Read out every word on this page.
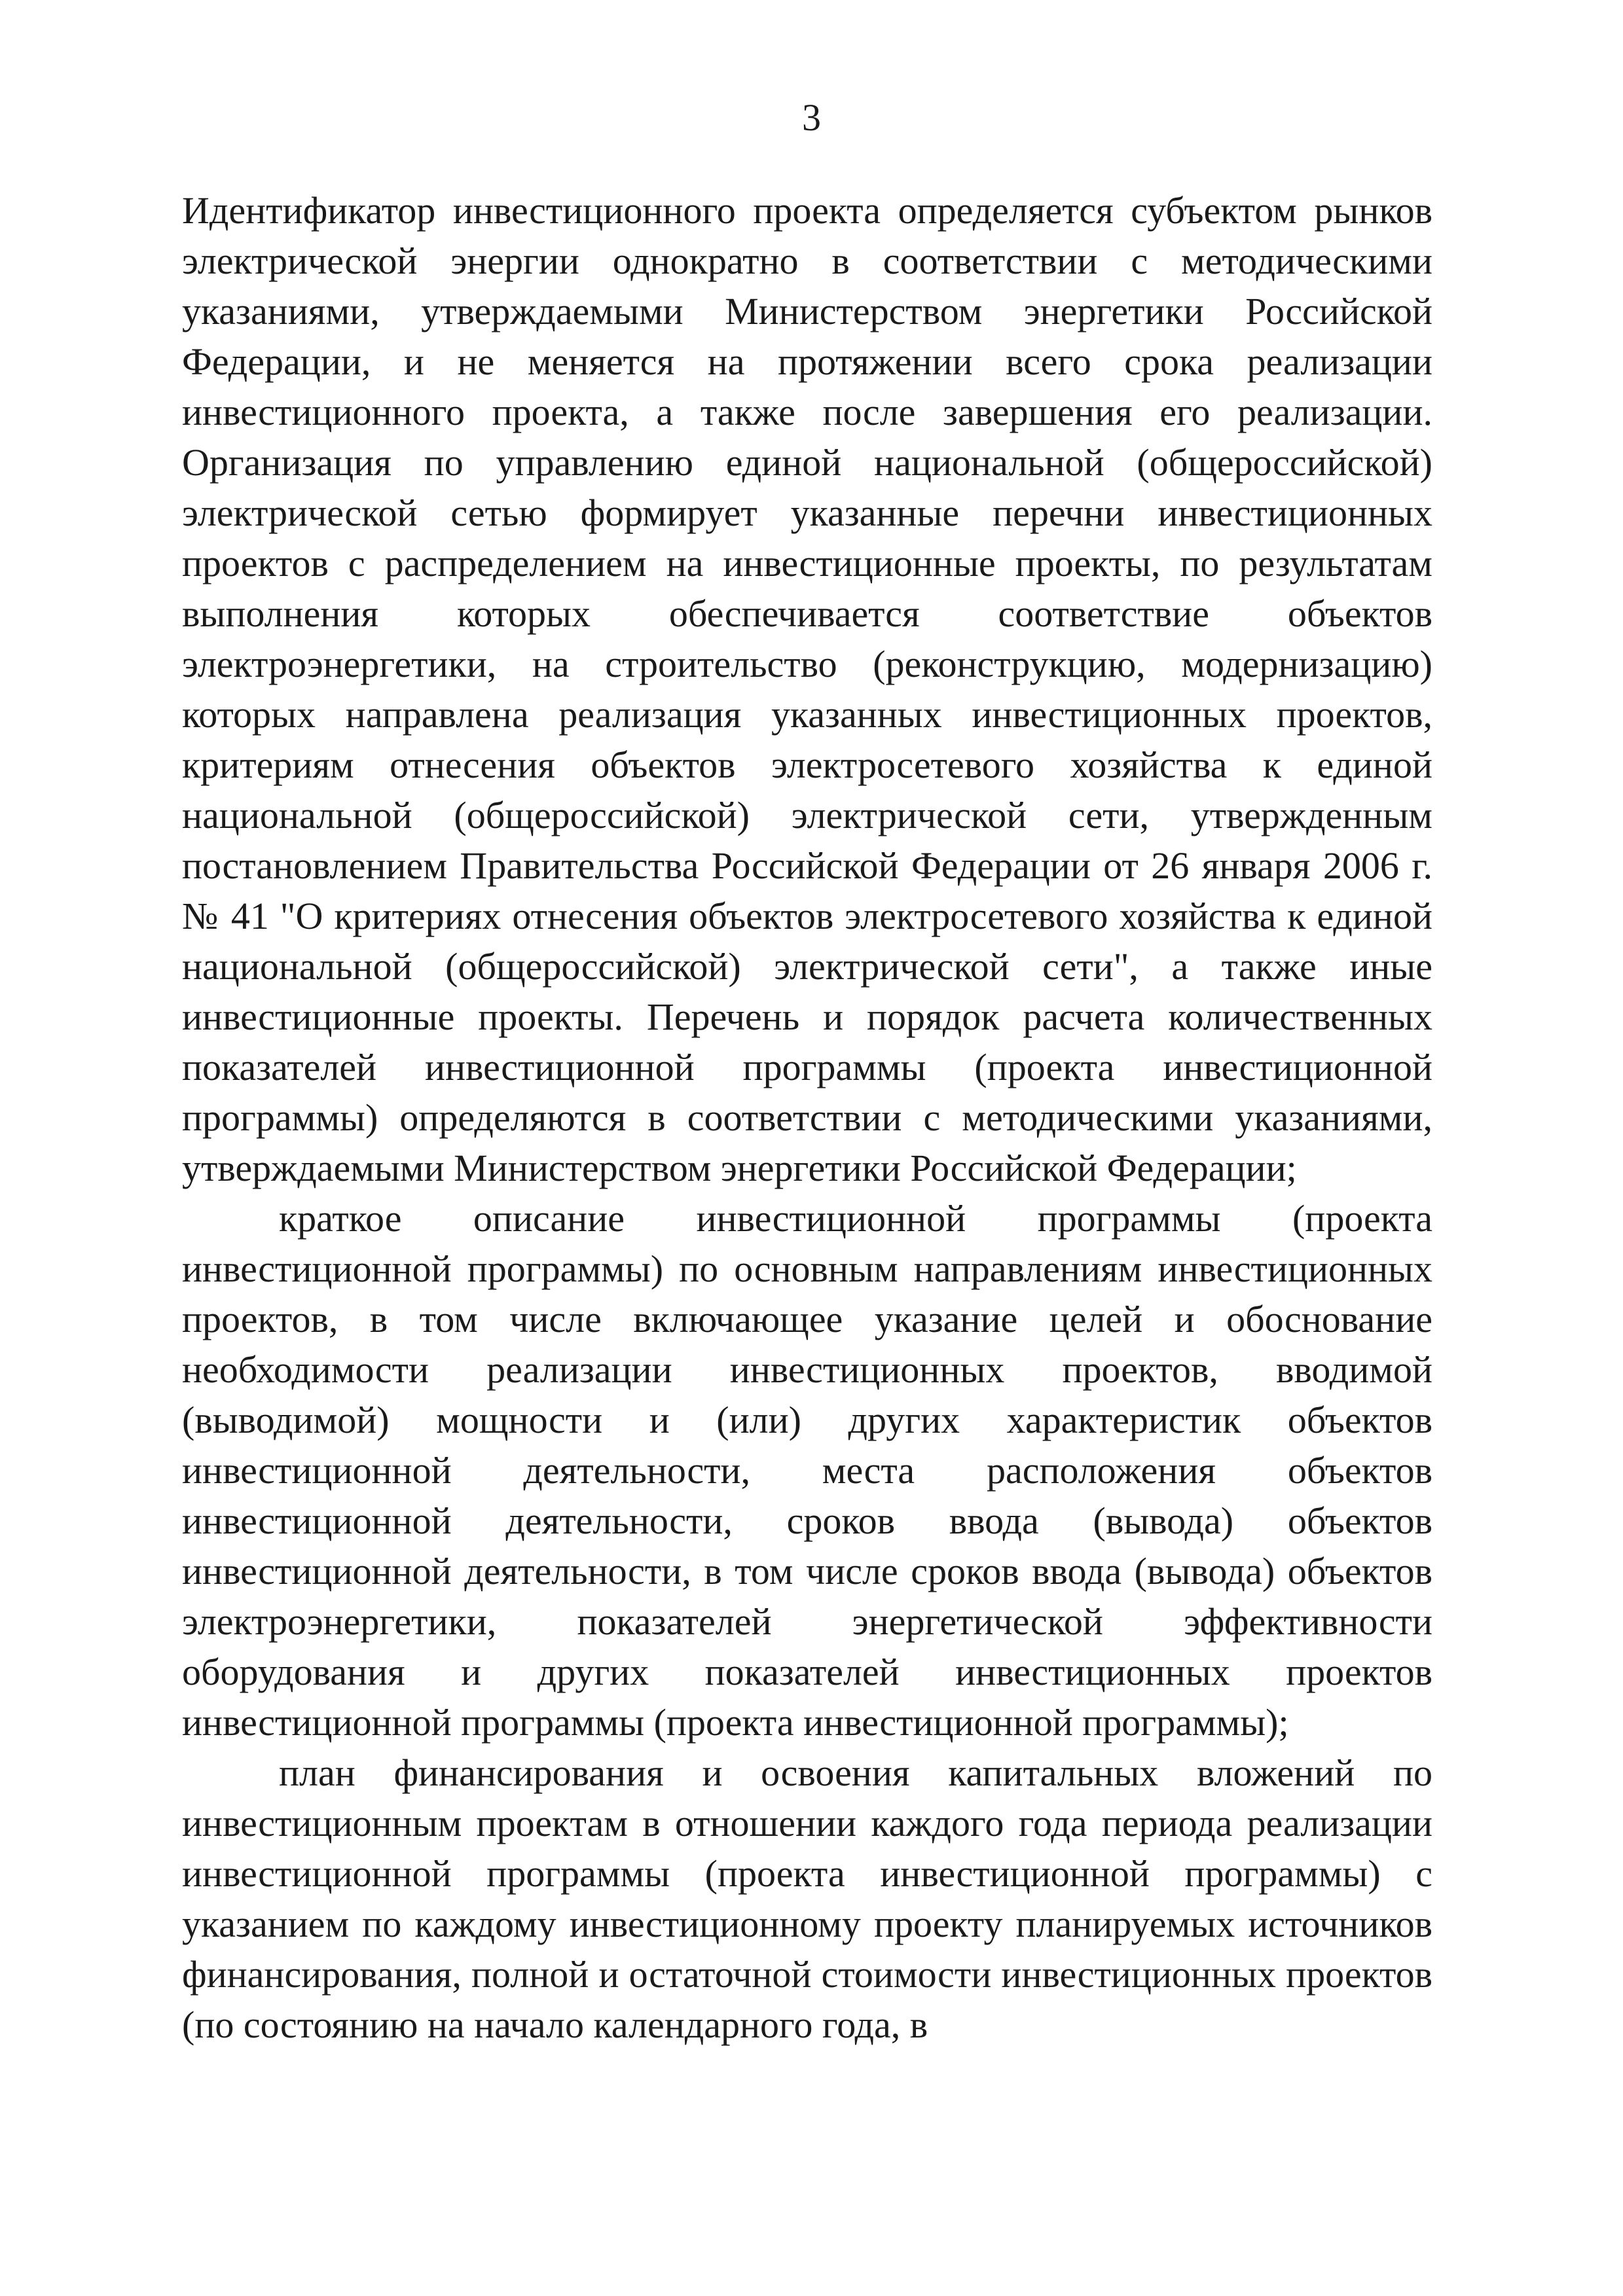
3

Идентификатор инвестиционного проекта определяется субъектом рынков электрической энергии однократно в соответствии с методическими указаниями, утверждаемыми Министерством энергетики Российской Федерации, и не меняется на протяжении всего срока реализации инвестиционного проекта, а также после завершения его реализации. Организация по управлению единой национальной (общероссийской) электрической сетью формирует указанные перечни инвестиционных проектов с распределением на инвестиционные проекты, по результатам выполнения которых обеспечивается соответствие объектов электроэнергетики, на строительство (реконструкцию, модернизацию) которых направлена реализация указанных инвестиционных проектов, критериям отнесения объектов электросетевого хозяйства к единой национальной (общероссийской) электрической сети, утвержденным постановлением Правительства Российской Федерации от 26 января 2006 г. № 41 "О критериях отнесения объектов электросетевого хозяйства к единой национальной (общероссийской) электрической сети", а также иные инвестиционные проекты. Перечень и порядок расчета количественных показателей инвестиционной программы (проекта инвестиционной программы) определяются в соответствии с методическими указаниями, утверждаемыми Министерством энергетики Российской Федерации;

краткое описание инвестиционной программы (проекта инвестиционной программы) по основным направлениям инвестиционных проектов, в том числе включающее указание целей и обоснование необходимости реализации инвестиционных проектов, вводимой (выводимой) мощности и (или) других характеристик объектов инвестиционной деятельности, места расположения объектов инвестиционной деятельности, сроков ввода (вывода) объектов инвестиционной деятельности, в том числе сроков ввода (вывода) объектов электроэнергетики, показателей энергетической эффективности оборудования и других показателей инвестиционных проектов инвестиционной программы (проекта инвестиционной программы);

план финансирования и освоения капитальных вложений по инвестиционным проектам в отношении каждого года периода реализации инвестиционной программы (проекта инвестиционной программы) с указанием по каждому инвестиционному проекту планируемых источников финансирования, полной и остаточной стоимости инвестиционных проектов (по состоянию на начало календарного года, в
